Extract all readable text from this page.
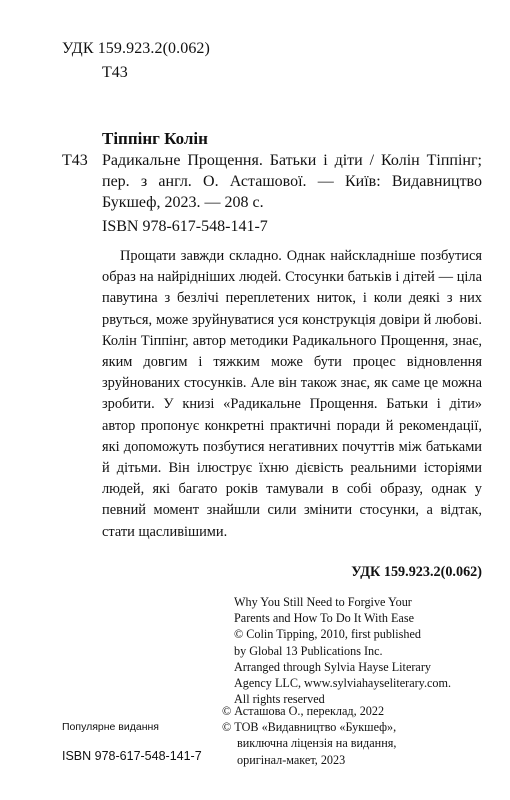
УДК 159.923.2(0.062)
Т43
Тіппінг Колін
Т43 Радикальне Прощення. Батьки і діти / Колін Тіппінг; пер. з англ. О. Асташової. — Київ: Видавництво Букшеф, 2023. — 208 с.
ISBN 978-617-548-141-7
Прощати завжди складно. Однак найскладніше позбутися образ на найрідніших людей. Стосунки батьків і дітей — ціла павутина з безлічі переплетених ниток, і коли деякі з них рвуться, може зруйнуватися уся конструкція довіри й любові. Колін Тіппінг, автор методики Радикального Прощення, знає, яким довгим і тяжким може бути процес відновлення зруйнованих стосунків. Але він також знає, як саме це можна зробити. У книзі «Радикальне Прощення. Батьки і діти» автор пропонує конкретні практичні поради й рекомендації, які допоможуть позбутися негативних почуттів між батьками й дітьми. Він ілюструє їхню дієвість реальними історіями людей, які багато років тамували в собі образу, однак у певний момент знайшли сили змінити стосунки, а відтак, стати щасливішими.
УДК 159.923.2(0.062)
Why You Still Need to Forgive Your
Parents and How To Do It With Ease
© Colin Tipping, 2010, first published
by Global 13 Publications Inc.
Arranged through Sylvia Hayse Literary
Agency LLC, www.sylviahayseliterary.com.
All rights reserved
Популярне видання
ISBN 978-617-548-141-7
© Асташова О., переклад, 2022
© ТОВ «Видавництво «Букшеф»,
виключна ліцензія на видання,
оригінал-макет, 2023
